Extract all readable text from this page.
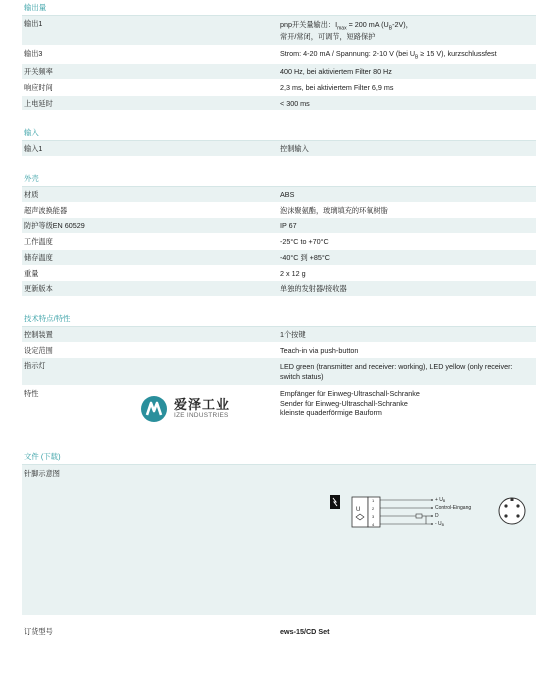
输出量
输出1	pnp开关量输出：$I_{max} = 200$ mA $(U_B-2V)$，
常开/常闭，可调节，短路保护
输出3	Strom: 4-20 mA / Spannung: 2-10 V (bei $U_B \ge 15$ V), kurzschlussfest
开关频率	400 Hz, bei aktiviertem Filter 80 Hz
响应时间	2,3 ms, bei aktiviertem Filter 6,9 ms
上电延时	< 300 ms
输入
输入1	控制输入
外壳
材质	ABS
超声波换能器	泡沫聚氨酯，玻璃填充的环氧树脂
防护等级EN 60529	IP 67
工作温度	-25°C to +70°C
储存温度	-40°C 到 +85°C
重量	2 x 12 g
更新版本	单独的发射器/接收器
技术特点/特性
控制装置	1个按键
设定范围	Teach-in via push-button
指示灯	LED green (transmitter and receiver: working), LED yellow (only receiver: switch status)
特性	Empfänger für Einweg-Ultraschall-Schranke
Sender für Einweg-Ultraschall-Schranke
kleinste quaderförmige Bauform
爱泽工业
IZE INDUSTRIES
文件 (下载)
针脚示意图
U
1
2
3
4
+ $U_B$
Control-Eingang
D
- $U_B$
订货型号	ews-15/CD Set
